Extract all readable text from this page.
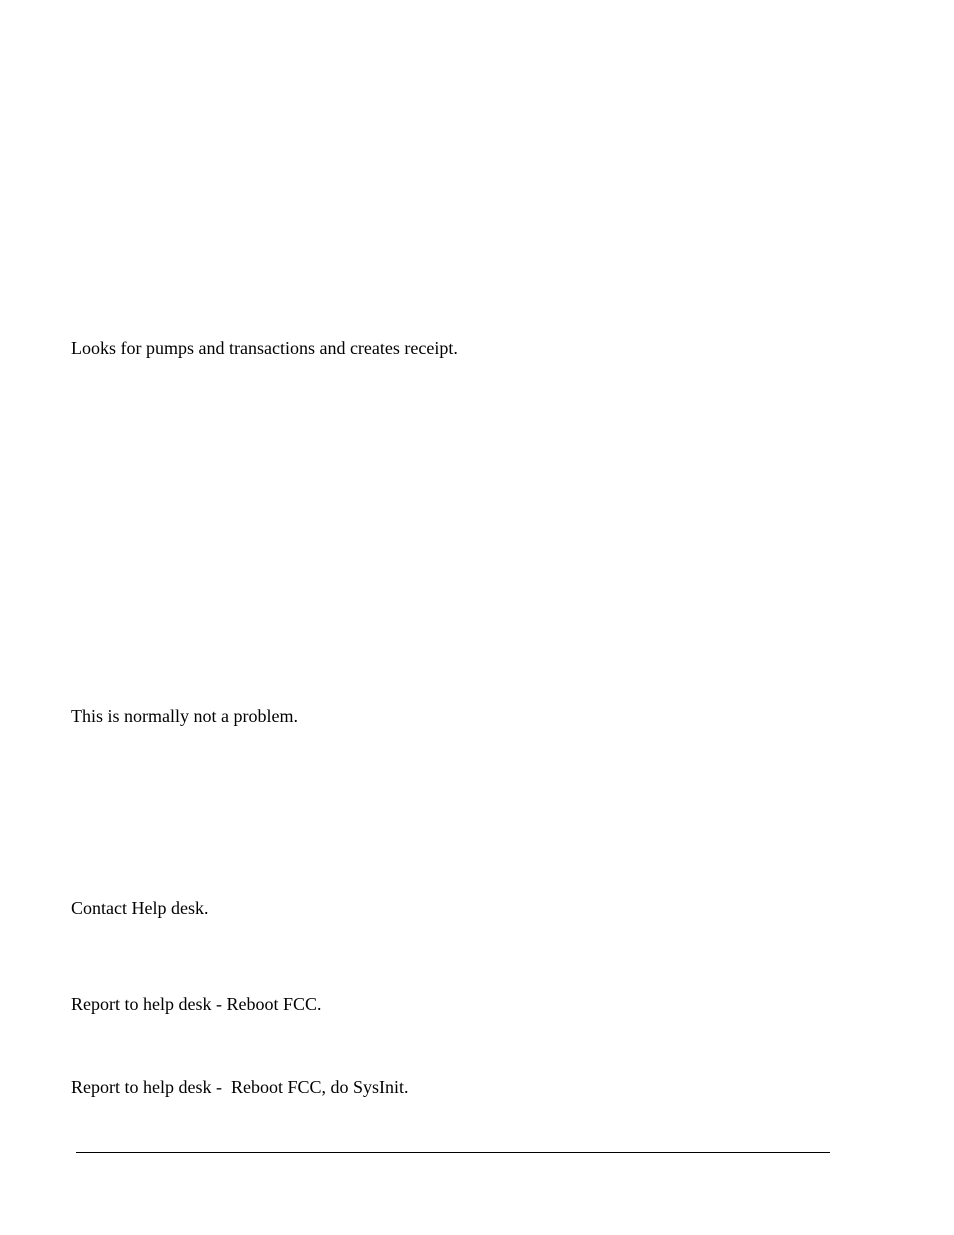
Looks for pumps and transactions and creates receipt.

This is normally not a problem.

Contact Help desk.

Report to help desk - Reboot FCC.

Report to help desk -  Reboot FCC, do SysInit.
